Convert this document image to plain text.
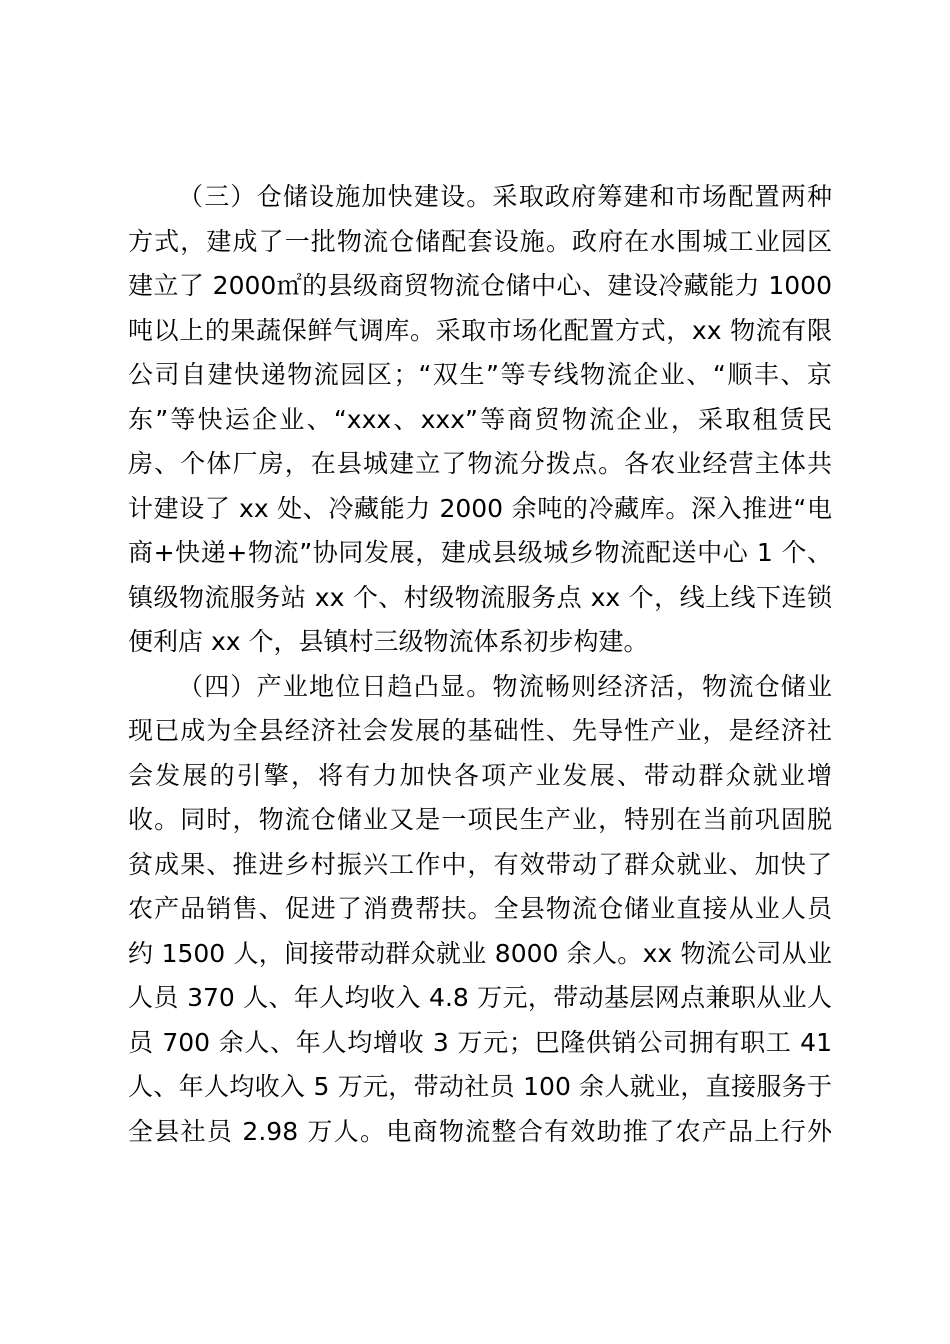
（三）仓储设施加快建设。采取政府筹建和市场配置两种
方式，建成了一批物流仓储配套设施。政府在水围城工业园区
建立了 2000㎡的县级商贸物流仓储中心、建设冷藏能力 1000
吨以上的果蔬保鲜气调库。采取市场化配置方式，xx 物流有限
公司自建快递物流园区；“双生”等专线物流企业、“顺丰、京
东”等快运企业、“xxx、xxx”等商贸物流企业，采取租赁民
房、个体厂房，在县城建立了物流分拨点。各农业经营主体共
计建设了 xx 处、冷藏能力 2000 余吨的冷藏库。深入推进“电
商+快递+物流”协同发展，建成县级城乡物流配送中心 1 个、
镇级物流服务站 xx 个、村级物流服务点 xx 个，线上线下连锁
便利店 xx 个，县镇村三级物流体系初步构建。
（四）产业地位日趋凸显。物流畅则经济活，物流仓储业
现已成为全县经济社会发展的基础性、先导性产业，是经济社
会发展的引擎，将有力加快各项产业发展、带动群众就业增
收。同时，物流仓储业又是一项民生产业，特别在当前巩固脱
贫成果、推进乡村振兴工作中，有效带动了群众就业、加快了
农产品销售、促进了消费帮扶。全县物流仓储业直接从业人员
约 1500 人，间接带动群众就业 8000 余人。xx 物流公司从业
人员 370 人、年人均收入 4.8 万元，带动基层网点兼职从业人
员 700 余人、年人均增收 3 万元；巴隆供销公司拥有职工 41
人、年人均收入 5 万元，带动社员 100 余人就业，直接服务于
全县社员 2.98 万人。电商物流整合有效助推了农产品上行外
